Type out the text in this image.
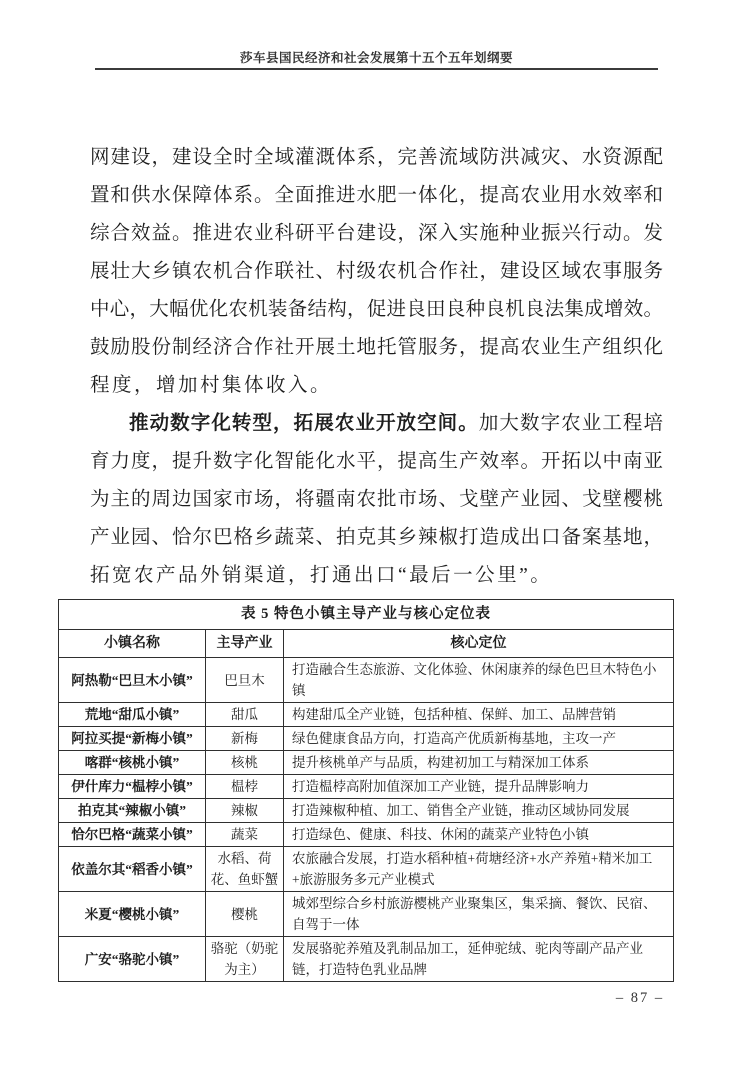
莎车县国民经济和社会发展第十五个五年划纲要
网建设，建设全时全域灌溉体系，完善流域防洪减灾、水资源配
置和供水保障体系。全面推进水肥一体化，提高农业用水效率和
综合效益。推进农业科研平台建设，深入实施种业振兴行动。发
展壮大乡镇农机合作联社、村级农机合作社，建设区域农事服务
中心，大幅优化农机装备结构，促进良田良种良机良法集成增效。
鼓励股份制经济合作社开展土地托管服务，提高农业生产组织化
程度，增加村集体收入。
推动数字化转型，拓展农业开放空间。加大数字农业工程培
育力度，提升数字化智能化水平，提高生产效率。开拓以中南亚
为主的周边国家市场，将疆南农批市场、戈壁产业园、戈壁樱桃
产业园、恰尔巴格乡蔬菜、拍克其乡辣椒打造成出口备案基地，
拓宽农产品外销渠道，打通出口“最后一公里”。
表 5 特色小镇主导产业与核心定位表		
小镇名称	主导产业	核心定位
阿热勒“巴旦木小镇”	巴旦木	打造融合生态旅游、文化体验、休闲康养的绿色巴旦木特色小镇
荒地“甜瓜小镇”	甜瓜	构建甜瓜全产业链，包括种植、保鲜、加工、品牌营销
阿拉买提“新梅小镇”	新梅	绿色健康食品方向，打造高产优质新梅基地，主攻一产
喀群“核桃小镇”	核桃	提升核桃单产与品质，构建初加工与精深加工体系
伊什库力“榅桲小镇”	榅桲	打造榅桲高附加值深加工产业链，提升品牌影响力
拍克其“辣椒小镇”	辣椒	打造辣椒种植、加工、销售全产业链，推动区域协同发展
恰尔巴格“蔬菜小镇”	蔬菜	打造绿色、健康、科技、休闲的蔬菜产业特色小镇
依盖尔其“稻香小镇”	水稻、荷花、鱼虾蟹	农旅融合发展，打造水稻种植+荷塘经济+水产养殖+精米加工+旅游服务多元产业模式
米夏“樱桃小镇”	樱桃	城郊型综合乡村旅游樱桃产业聚集区，集采摘、餐饮、民宿、自驾于一体
广安“骆驼小镇”	骆驼（奶驼为主）	发展骆驼养殖及乳制品加工，延伸驼绒、驼肉等副产品产业链，打造特色乳业品牌
– 87 –
